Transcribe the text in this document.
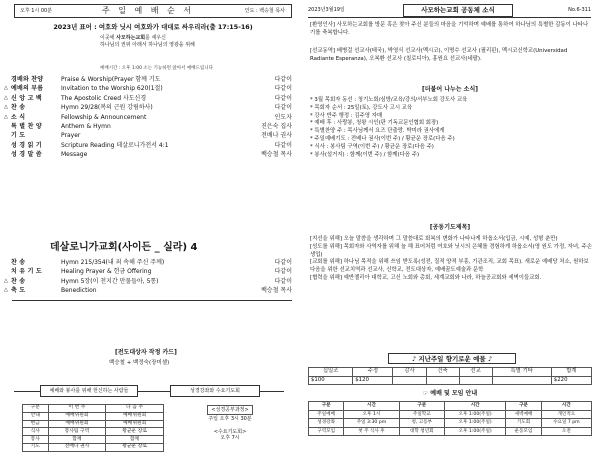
오후 1시 00분	주 일 예 배 순 서	인도 : 백승철 목사
2023년 표어 : 여호와 닛시 여호와가 대대로 싸우리라(출 17:15-16)
이곳에 사모하는교회를 세우신
하나님의 권위 아래서 하나님의 영광을 위해
예배시간 : 오후 1:00 소는 기능하면 앉아서 예배드립니다
경배와 찬양	Praise & Worship(Prayer 함께 기도	다같이
△ 예배의 부름	Invitation to the Worship 620(1절)	다같이
△ 신 앙 고 백	The Apostolic Creed 사도신경	다같이
△ 찬 송	Hymn 29/28(복의 근원 강림하사)	다같이
△ 소 식	Fellowship & Announcement	인도자
특 별 찬 양	Anthem & Hymn	진은숙 집사
기 도	Prayer	전배나 권사
성 경 읽 기	Scripture Reading 데살로니가전서 4:1	다같이
성 경 말 씀	Message	백승철 목사
데살로니가교회(사이든 _ 실라) 4
찬 송	Hymn 215/354(내 죄 속해 주신 주께)	다같이
치 유 기 도	Healing Prayer & 헌금 Offering	다같이
△ 찬 송	Hymn 5장(이 천지간 만물들아, 5통)	다같이
△ 축 도	Benediction	백승철 목사
[전도대상자 작정 카드]
백승철 + 백정숙(장미셸)
예배와 봉사를 위해 헌신하는 사람들	성경강좌와 수요기도회
구분	이 번 주	다 음 주
안내	예배위원회	예배위원회
헌금	예배위원회	예배위원회
식사	봉사팀 구역	황균운 장로
봉사	함께	함께
기도	전배나 권사	황균운 장로
<성경공부과정>
주일 오후 3시 30분
<수요기도회>
오후 7시
2023년3월19일	사모하는교회 공동체 소식	No.6-311

[환영인사] 사모하는교회를 방문 혹은 찾아 주신 분들의 마음을 기억하며 예배를 통하여 하나님의 특별한 감동이 나타나기를 축복합니다.

[선교동역] 배병걸 선교사(태국), 박영식 선교사(멕시코), 이명수 선교사 (필리핀), 멕시코신학교(Universidad Radiante Esperanza), 오복환 선교사 (칠로디아), 홍원요 선교사(네팔).

[더불어 나누는 소식]
* 3월 목회자 동선 : 청기노회/심방/교육/강의/서부노회 강도사 교육
* 목회자 순서 : 25일(토), 강도사 고시 교육
* 강사 반주 행정 : 김주영 자매
* 예배 후 : 사랑봉, 청왕 시인(판 기독교문인협회 회장)
* 특별찬양 주 : 목사님께서 요즈 단출랑. 박미라 권사에게
* 주일예배기도 : 전배나 권사(이번 주) / 황균운 장로(다음 주)
* 식사 : 봉사팀 구역(이번 주) / 황균운 장로(다음 주)
* 봉사(설거지) : 함께(이번 주) / 함께(다음 주)
[공동기도제목]
[지선을 위해] 오늘 말씀을 생각하며 그 말씀대로 회복의 변화가 나타나게 하옵소서(입금, 시예, 성형 춘만)
[성도를 위해] 목회자와 사역자를 위해 늘 해 표어처럼 여호와 닛시의 은혜를 경험하게 하옵소서(영 원도 가정, 자녀, 주손 생업)
[교회를 위해] 하나님 목적을 위해 쓰임 받도록(성전, 질적 양적 부흥, 기관조직, 교회 목표). 새로운 예배당 처소, 원하보 다음을 위한 선교치역과 선교사, 신학교, 전도대상자, 예배꿈도예술과 문학
[협력을 위해] 예반젤리아 대학교, 고신 노회와 총회, 세계교회와 나라, 하늘공교회와 세벽이들교회.
♪ 지난주일 향기로운 예물 ♪
십일조	주정	감사	건축	선교	특별 기타	합계
$100	$120					$220
☞ 예배 및 모임 안내
구분	시간	구분	시간	구분	시간
주일예배	오후 1시	주일학교	오후 1:00(주일)	새벽예배	개인적으
성경강좌	주일 3:30 pm	청, 고등부	오후 1:00(주일)	기도회	수요일 7 pm
구역모임	첫 주 식사 후	대학 청년회	오후 1:00(주일)	운동모임	오전
